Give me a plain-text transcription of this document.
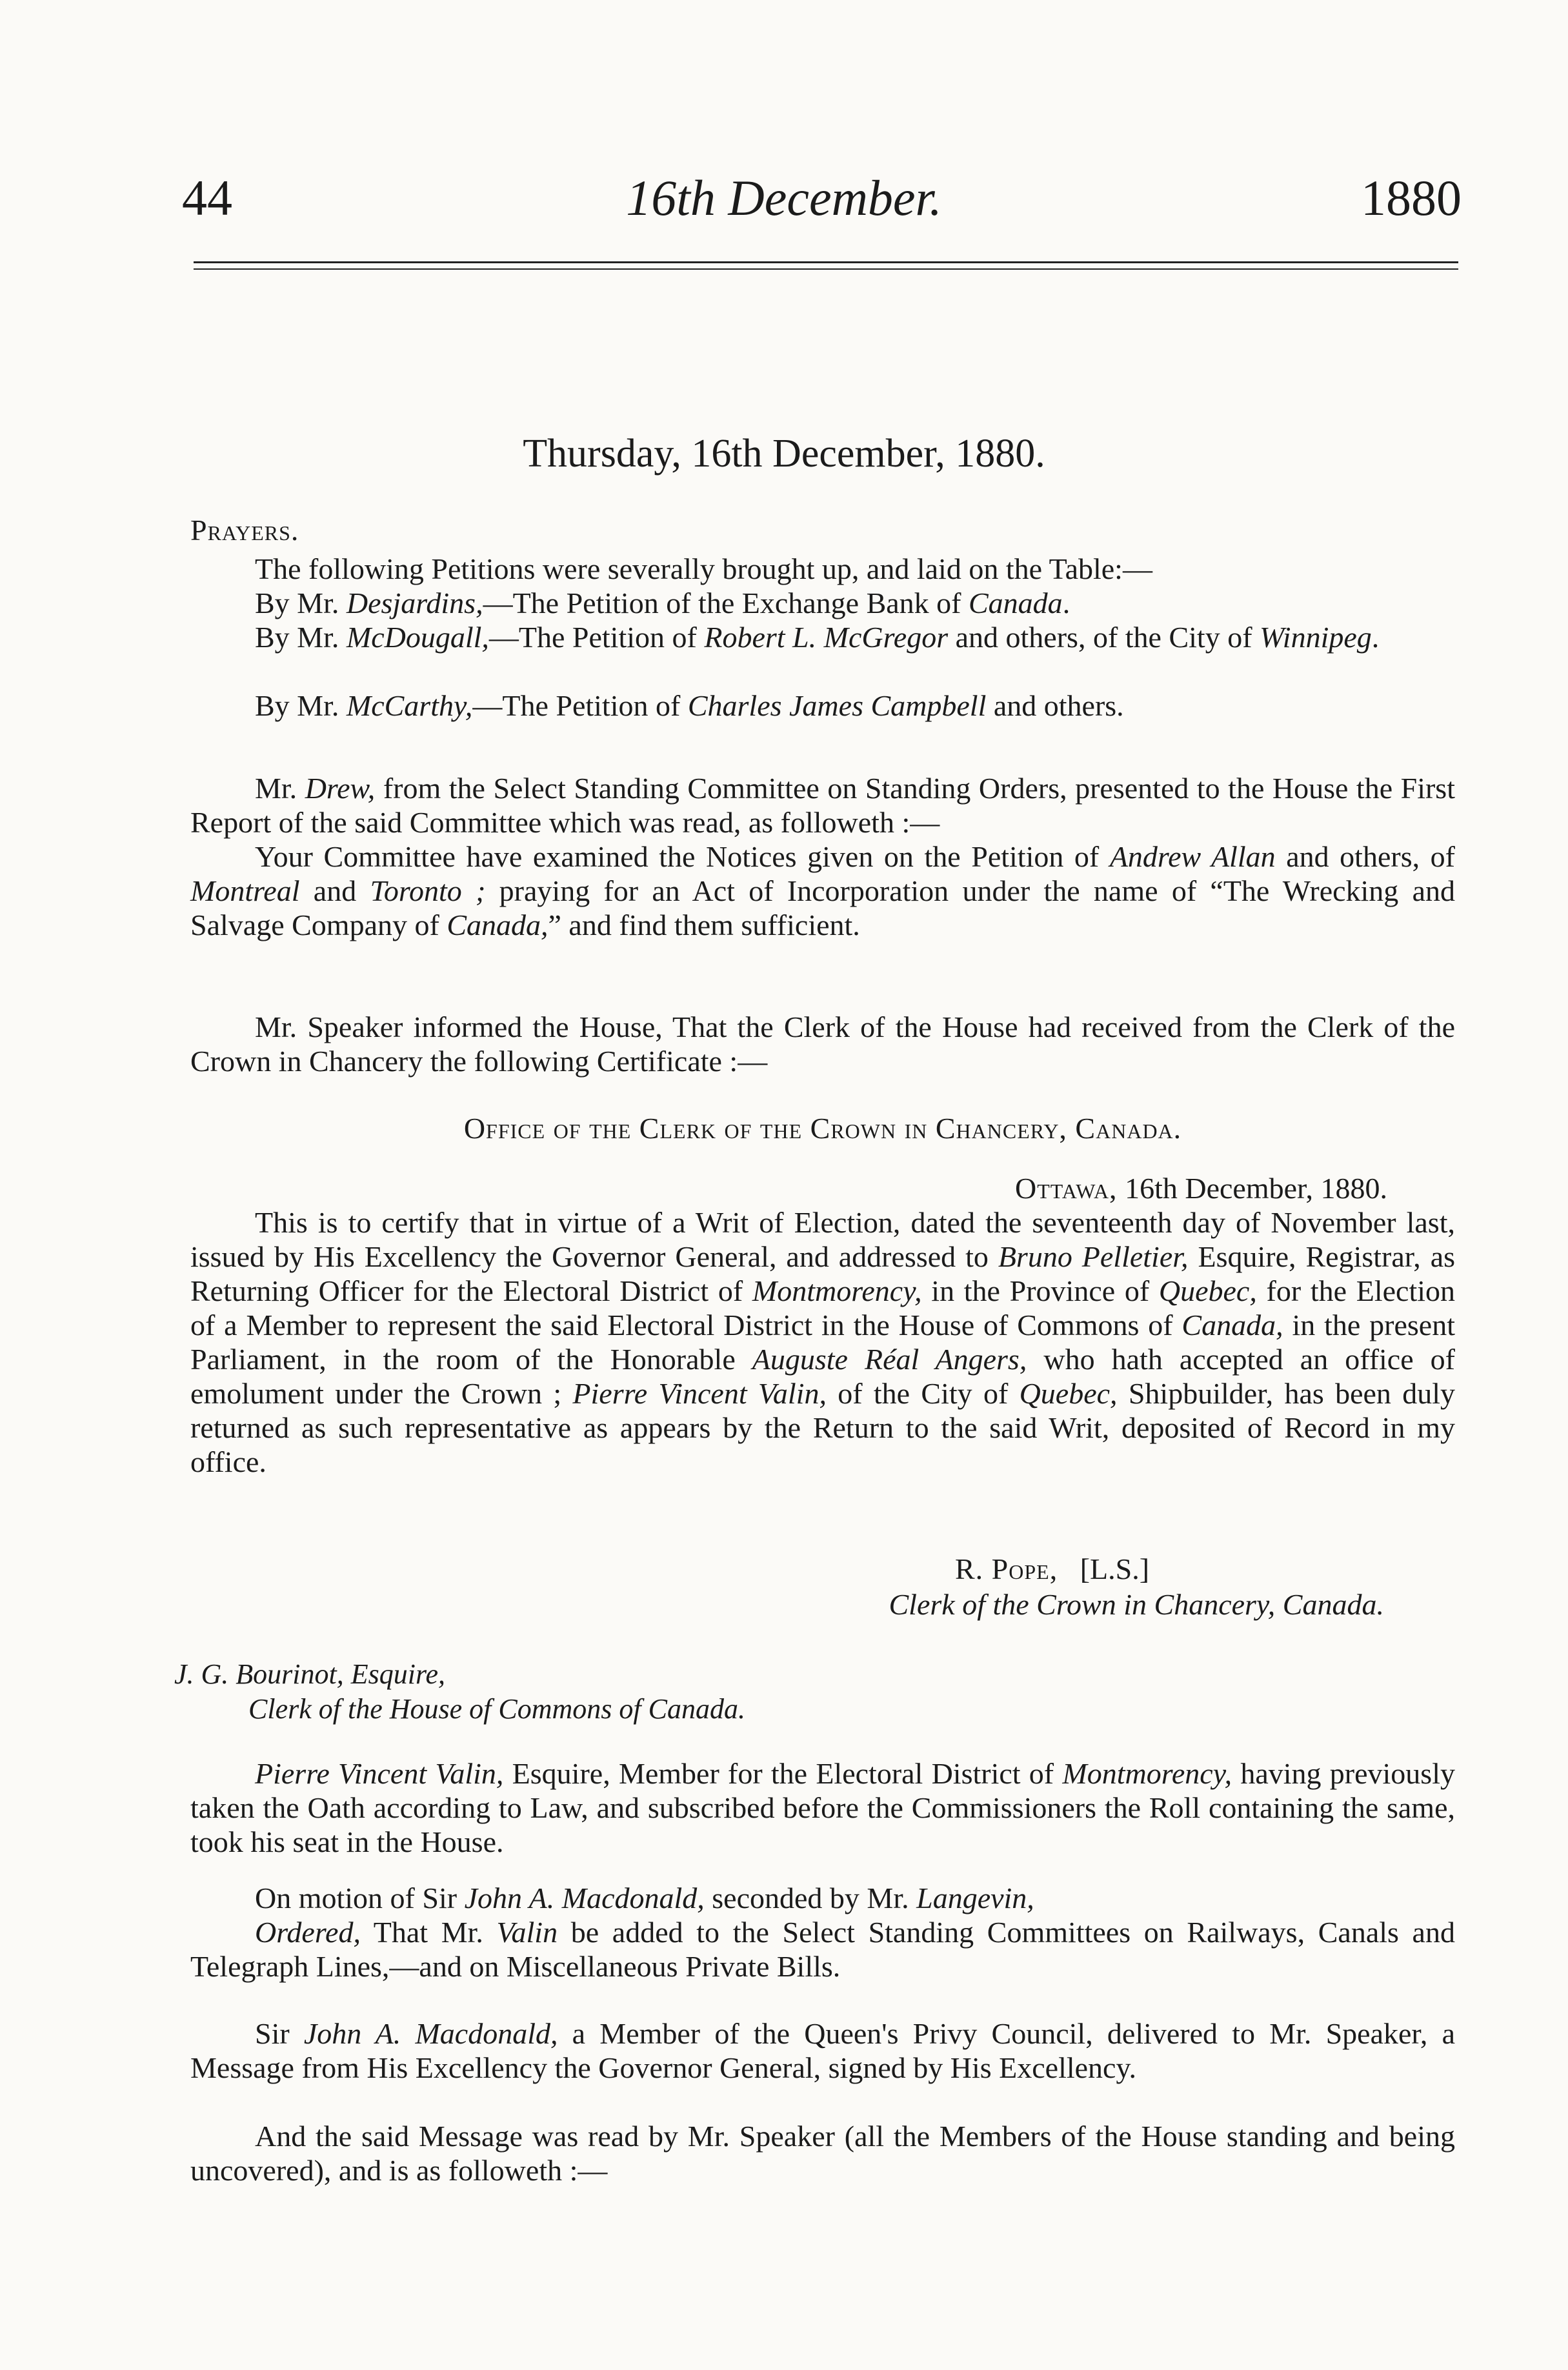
44	16th December.	1880
Thursday, 16th December, 1880.

Prayers.

The following Petitions were severally brought up, and laid on the Table:—

By Mr. Desjardins,—The Petition of the Exchange Bank of Canada.

By Mr. McDougall,—The Petition of Robert L. McGregor and others, of the City of Winnipeg.

By Mr. McCarthy,—The Petition of Charles James Campbell and others.

Mr. Drew, from the Select Standing Committee on Standing Orders, presented to the House the First Report of the said Committee which was read, as followeth :—

Your Committee have examined the Notices given on the Petition of Andrew Allan and others, of Montreal and Toronto ; praying for an Act of Incorporation under the name of “The Wrecking and Salvage Company of Canada,” and find them sufficient.

Mr. Speaker informed the House, That the Clerk of the House had received from the Clerk of the Crown in Chancery the following Certificate :—

Office of the Clerk of the Crown in Chancery, Canada.

Ottawa, 16th December, 1880.

This is to certify that in virtue of a Writ of Election, dated the seventeenth day of November last, issued by His Excellency the Governor General, and addressed to Bruno Pelletier, Esquire, Registrar, as Returning Officer for the Electoral District of Montmorency, in the Province of Quebec, for the Election of a Member to represent the said Electoral District in the House of Commons of Canada, in the present Parliament, in the room of the Honorable Auguste Réal Angers, who hath accepted an office of emolument under the Crown ; Pierre Vincent Valin, of the City of Quebec, Shipbuilder, has been duly returned as such representative as appears by the Return to the said Writ, deposited of Record in my office.

R. Pope, [L.S.]
Clerk of the Crown in Chancery, Canada.
J. G. Bourinot, Esquire,
Clerk of the House of Commons of Canada.

Pierre Vincent Valin, Esquire, Member for the Electoral District of Montmorency, having previously taken the Oath according to Law, and subscribed before the Commissioners the Roll containing the same, took his seat in the House.

On motion of Sir John A. Macdonald, seconded by Mr. Langevin,

Ordered, That Mr. Valin be added to the Select Standing Committees on Railways, Canals and Telegraph Lines,—and on Miscellaneous Private Bills.

Sir John A. Macdonald, a Member of the Queen's Privy Council, delivered to Mr. Speaker, a Message from His Excellency the Governor General, signed by His Excellency.

And the said Message was read by Mr. Speaker (all the Members of the House standing and being uncovered), and is as followeth :—
